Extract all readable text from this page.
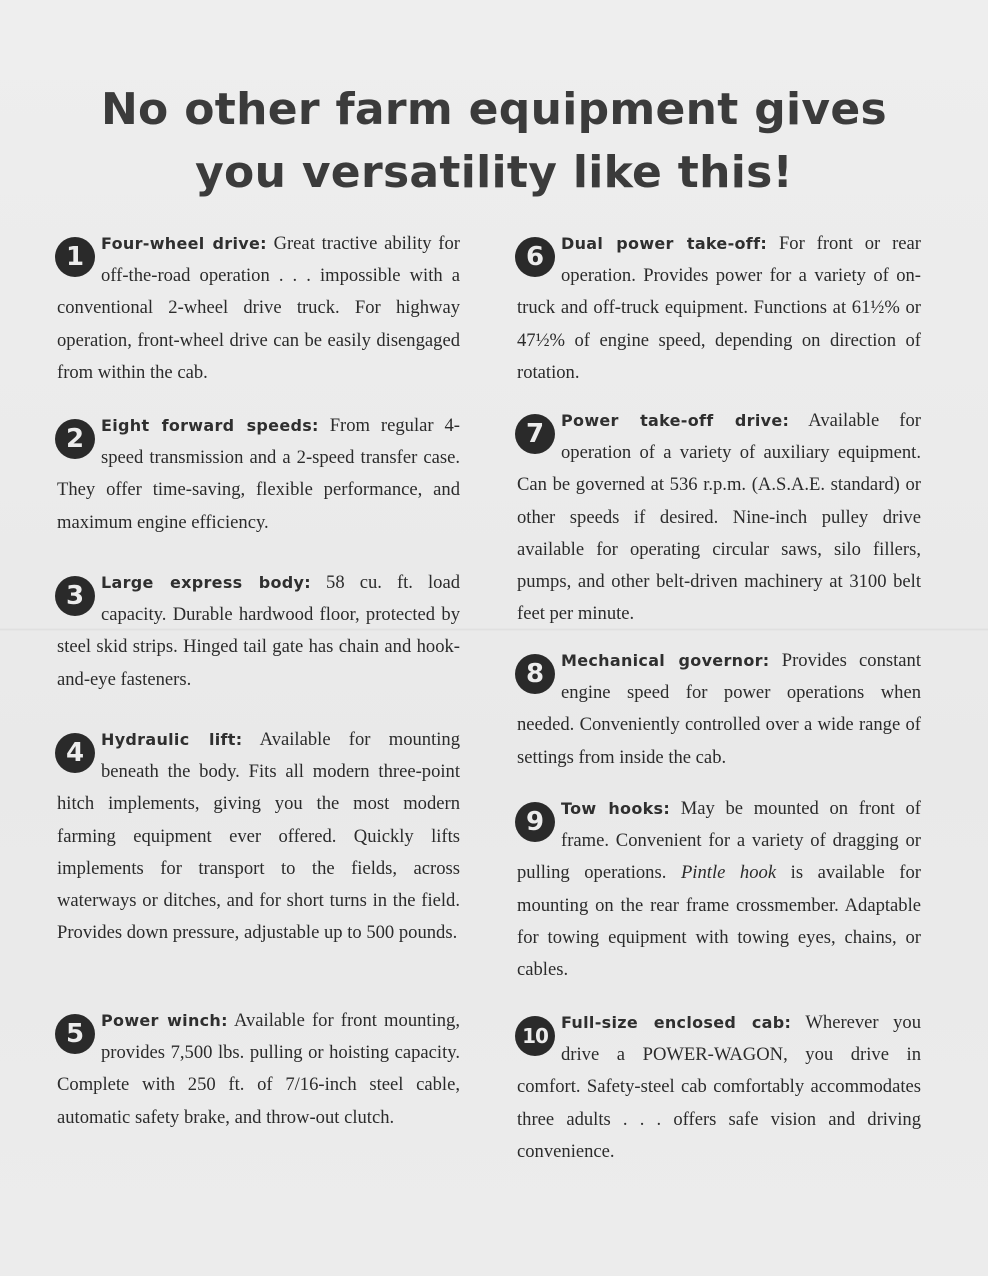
No other farm equipment gives
you versatility like this!
1	Four-wheel drive: Great tractive ability for off-the-road operation . . . impossible with a conventional 2-wheel drive truck. For highway operation, front-wheel drive can be easily disengaged from within the cab.
2	Eight forward speeds: From regular 4-speed transmission and a 2-speed transfer case. They offer time-saving, flexible performance, and maximum engine efficiency.
3	Large express body: 58 cu. ft. load capacity. Durable hardwood floor, protected by steel skid strips. Hinged tail gate has chain and hook-and-eye fasteners.
4	Hydraulic lift: Available for mounting beneath the body. Fits all modern three-point hitch implements, giving you the most modern farming equipment ever offered. Quickly lifts implements for transport to the fields, across waterways or ditches, and for short turns in the field. Provides down pressure, adjustable up to 500 pounds.
5	Power winch: Available for front mounting, provides 7,500 lbs. pulling or hoisting capacity. Complete with 250 ft. of 7/16-inch steel cable, automatic safety brake, and throw-out clutch.
6	Dual power take-off: For front or rear operation. Provides power for a variety of on-truck and off-truck equipment. Functions at 61½% or 47½% of engine speed, depending on direction of rotation.
7	Power take-off drive: Available for operation of a variety of auxiliary equipment. Can be governed at 536 r.p.m. (A.S.A.E. standard) or other speeds if desired. Nine-inch pulley drive available for operating circular saws, silo fillers, pumps, and other belt-driven machinery at 3100 belt feet per minute.
8	Mechanical governor: Provides constant engine speed for power operations when needed. Conveniently controlled over a wide range of settings from inside the cab.
9	Tow hooks: May be mounted on front of frame. Convenient for a variety of dragging or pulling operations. Pintle hook is available for mounting on the rear frame crossmember. Adaptable for towing equipment with towing eyes, chains, or cables.
10
Full-size enclosed cab: Wherever you drive a POWER-WAGON, you drive in comfort. Safety-steel cab comfortably accommodates three adults . . . offers safe vision and driving convenience.
